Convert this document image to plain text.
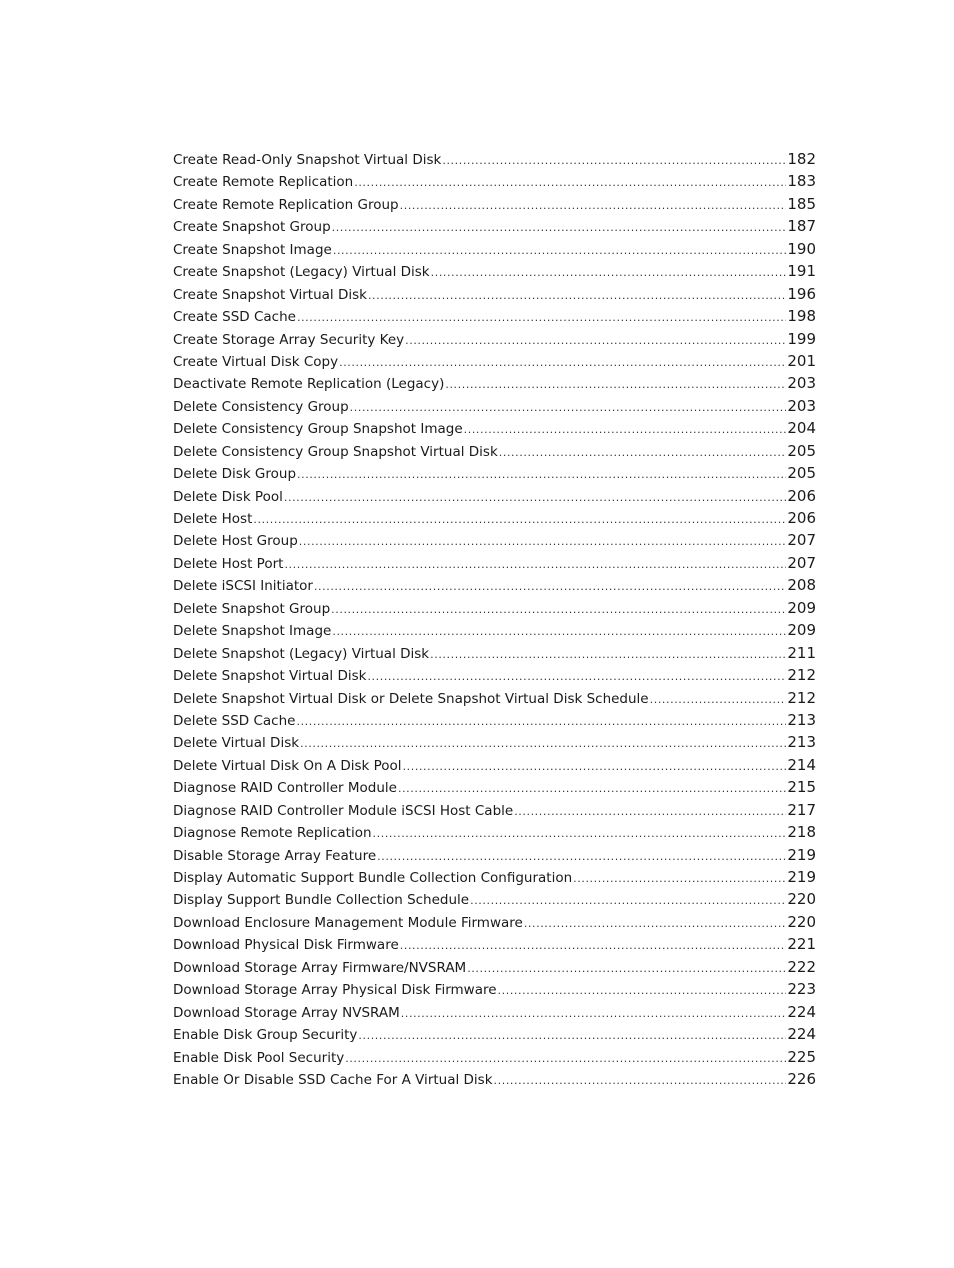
Create Read-Only Snapshot Virtual Disk .....	182
Create Remote Replication .....	183
Create Remote Replication Group .....	185
Create Snapshot Group .....	187
Create Snapshot Image .....	190
Create Snapshot (Legacy) Virtual Disk .....	191
Create Snapshot Virtual Disk .....	196
Create SSD Cache .....	198
Create Storage Array Security Key .....	199
Create Virtual Disk Copy .....	201
Deactivate Remote Replication (Legacy) .....	203
Delete Consistency Group .....	203
Delete Consistency Group Snapshot Image .....	204
Delete Consistency Group Snapshot Virtual Disk .....	205
Delete Disk Group .....	205
Delete Disk Pool .....	206
Delete Host .....	206
Delete Host Group .....	207
Delete Host Port .....	207
Delete iSCSI Initiator .....	208
Delete Snapshot Group .....	209
Delete Snapshot Image .....	209
Delete Snapshot (Legacy) Virtual Disk .....	211
Delete Snapshot Virtual Disk .....	212
Delete Snapshot Virtual Disk or Delete Snapshot Virtual Disk Schedule .....	212
Delete SSD Cache .....	213
Delete Virtual Disk .....	213
Delete Virtual Disk On A Disk Pool .....	214
Diagnose RAID Controller Module .....	215
Diagnose RAID Controller Module iSCSI Host Cable .....	217
Diagnose Remote Replication .....	218
Disable Storage Array Feature .....	219
Display Automatic Support Bundle Collection Configuration .....	219
Display Support Bundle Collection Schedule .....	220
Download Enclosure Management Module Firmware .....	220
Download Physical Disk Firmware .....	221
Download Storage Array Firmware/NVSRAM .....	222
Download Storage Array Physical Disk Firmware .....	223
Download Storage Array NVSRAM .....	224
Enable Disk Group Security .....	224
Enable Disk Pool Security .....	225
Enable Or Disable SSD Cache For A Virtual Disk .....	226
